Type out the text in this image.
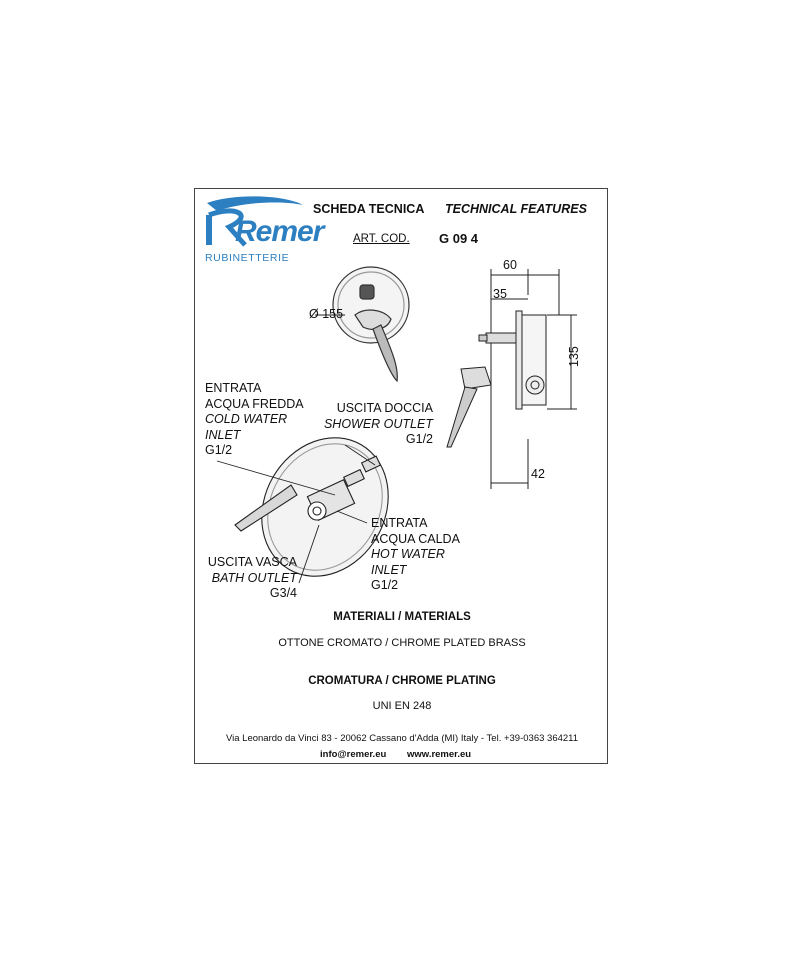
Remer
RUBINETTERIE
SCHEDA TECNICA TECHNICAL FEATURES
ART. COD. G 09 4
Ø 155
60
35
135
42
ENTRATA
ACQUA FREDDA
COLD WATER
INLET
G1/2
USCITA DOCCIA
SHOWER OUTLET
G1/2
ENTRATA
ACQUA CALDA
HOT WATER
INLET
G1/2
USCITA VASCA
BATH OUTLET
G3/4
MATERIALI / MATERIALS
OTTONE CROMATO / CHROME PLATED BRASS
CROMATURA / CHROME PLATING
UNI EN 248
Via Leonardo da Vinci 83 - 20062 Cassano d'Adda (MI) Italy - Tel. +39-0363 364211
info@remer.eu www.remer.eu
